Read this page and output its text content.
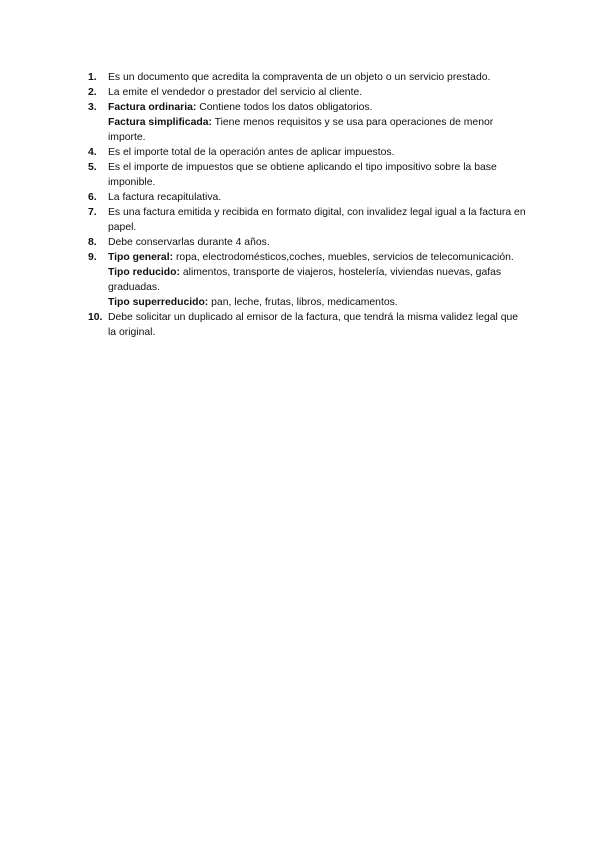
1. Es un documento que acredita la compraventa de un objeto o un servicio prestado.
2. La emite el vendedor o prestador del servicio al cliente.
3. Factura ordinaria: Contiene todos los datos obligatorios.
Factura simplificada: Tiene menos requisitos y se usa para operaciones de menor importe.
4. Es el importe total de la operación antes de aplicar impuestos.
5. Es el importe de impuestos que se obtiene aplicando el tipo impositivo sobre la base imponible.
6. La factura recapitulativa.
7. Es una factura emitida y recibida en formato digital, con invalidez legal igual a la factura en papel.
8. Debe conservarlas durante 4 años.
9. Tipo general: ropa, electrodomésticos,coches, muebles, servicios de telecomunicación.
Tipo reducido: alimentos, transporte de viajeros, hostelería, viviendas nuevas, gafas graduadas.
Tipo superreducido: pan, leche, frutas, libros, medicamentos.
10. Debe solicitar un duplicado al emisor de la factura, que tendrá la misma validez legal que la original.
